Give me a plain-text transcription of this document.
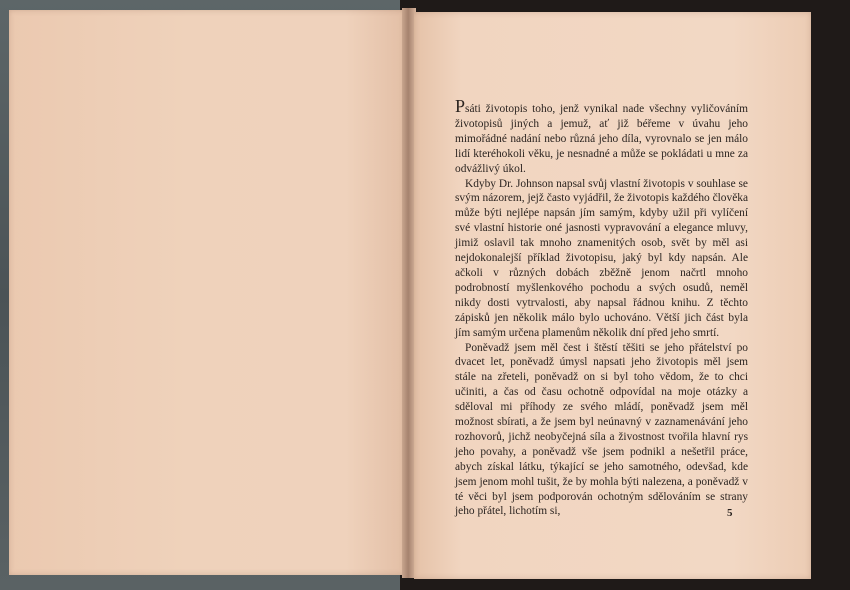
Psáti životopis toho, jenž vynikal nade všechny vyličováním životopisů jiných a jemuž, ať již béřeme v úvahu jeho mimořádné nadání nebo různá jeho díla, vyrovnalo se jen málo lidí kteréhokoli věku, je nesnadné a může se pokládati u mne za odvážlivý úkol.

Kdyby Dr. Johnson napsal svůj vlastní životopis v souhlase se svým názorem, jejž často vyjádřil, že životopis každého člověka může býti nejlépe napsán jím samým, kdyby užil při vylíčení své vlastní historie oné jasnosti vypravování a elegance mluvy, jimiž oslavil tak mnoho znamenitých osob, svět by měl asi nejdokonalejší příklad životopisu, jaký byl kdy napsán. Ale ačkoli v různých dobách zběžně jenom načrtl mnoho podrobností myšlenkového pochodu a svých osudů, neměl nikdy dosti vytrvalosti, aby napsal řádnou knihu. Z těchto zápisků jen několik málo bylo uchováno. Větší jich část byla jím samým určena plamenům několik dní před jeho smrtí.

Poněvadž jsem měl čest i štěstí těšiti se jeho přátelství po dvacet let, poněvadž úmysl napsati jeho životopis měl jsem stále na zřeteli, poněvadž on si byl toho vědom, že to chci učiniti, a čas od času ochotně odpovídal na moje otázky a sděloval mi příhody ze svého mládí, poněvadž jsem měl možnost sbírati, a že jsem byl neúnavný v zaznamenávání jeho rozhovorů, jichž neobyčejná síla a živostnost tvořila hlavní rys jeho povahy, a poněvadž vše jsem podnikl a nešetřil práce, abych získal látku, týkající se jeho samotného, odevšad, kde jsem jenom mohl tušit, že by mohla býti nalezena, a poněvadž v té věci byl jsem podporován ochotným sdělováním se strany jeho přátel, lichotím si,	5
